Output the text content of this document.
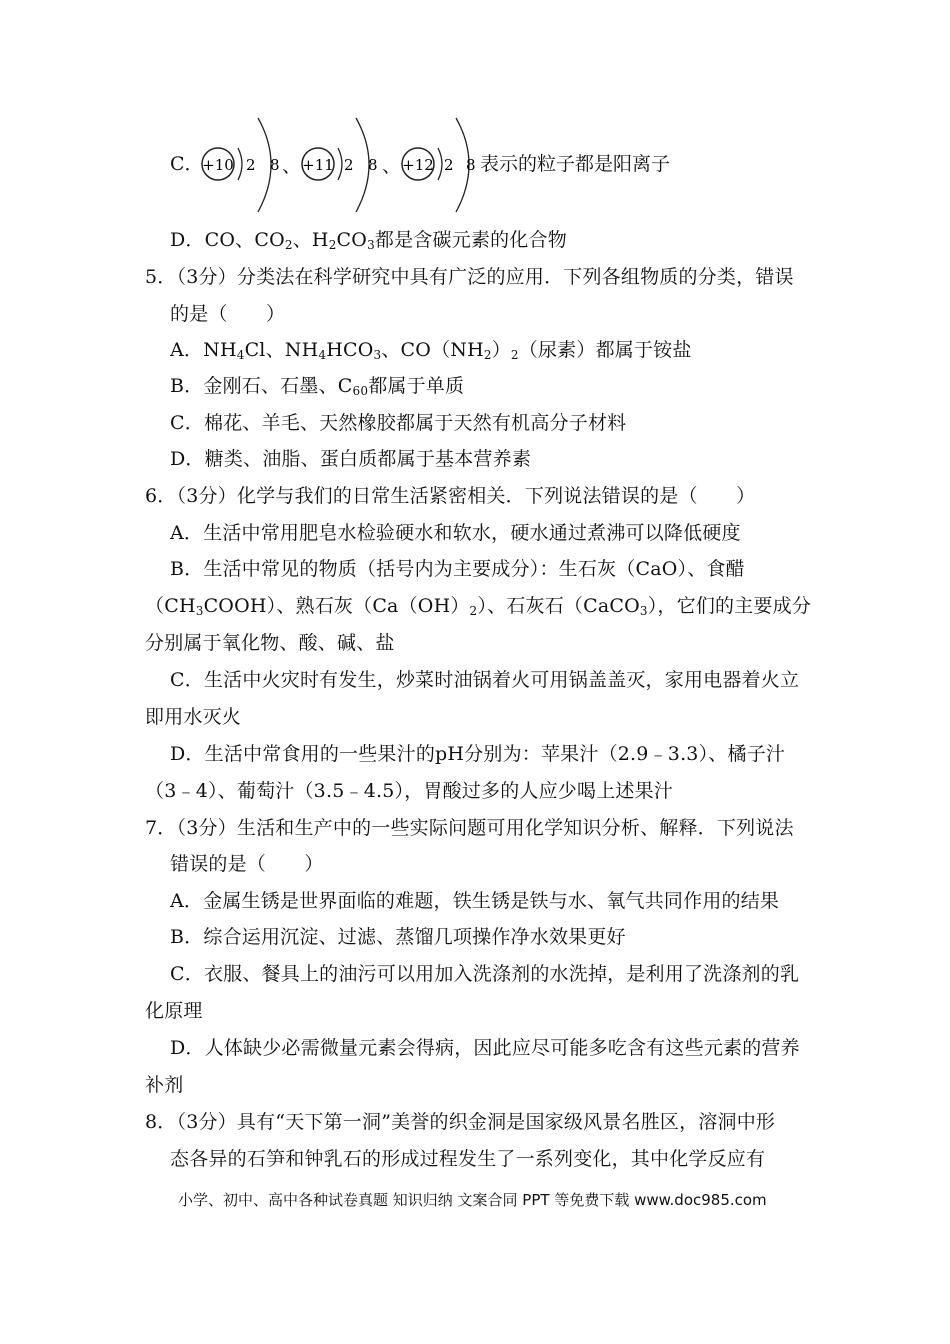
C．
+10 2 8 、 +11 2 8 、 +12 2 8 表示的粒子都是阳离子
D．CO、$CO_2$、$H_2CO_3$都是含碳元素的化合物
5．（3分）分类法在科学研究中具有广泛的应用．下列各组物质的分类，错误
的是（　　）
A．$NH_4Cl$、$NH_4HCO_3$、$CO(NH_2)_2$（尿素）都属于铵盐
B．金刚石、石墨、$C_{60}$都属于单质
C．棉花、羊毛、天然橡胶都属于天然有机高分子材料
D．糖类、油脂、蛋白质都属于基本营养素
6．（3分）化学与我们的日常生活紧密相关．下列说法错误的是（　　）
A．生活中常用肥皂水检验硬水和软水，硬水通过煮沸可以降低硬度
B．生活中常见的物质（括号内为主要成分）：生石灰（CaO）、食醋
$(CH_3COOH)$、熟石灰$(Ca(OH)_2)$、石灰石（CaCO$_3$），它们的主要成分
分别属于氧化物、酸、碱、盐
C．生活中火灾时有发生，炒菜时油锅着火可用锅盖盖灭，家用电器着火立
即用水灭火
D．生活中常食用的一些果汁的pH分别为：苹果汁（2.9﹣3.3）、橘子汁
（3﹣4）、葡萄汁（3.5﹣4.5），胃酸过多的人应少喝上述果汁
7．（3分）生活和生产中的一些实际问题可用化学知识分析、解释．下列说法
错误的是（　　）
A．金属生锈是世界面临的难题，铁生锈是铁与水、氧气共同作用的结果
B．综合运用沉淀、过滤、蒸馏几项操作净水效果更好
C．衣服、餐具上的油污可以用加入洗涤剂的水洗掉，是利用了洗涤剂的乳
化原理
D．人体缺少必需微量元素会得病，因此应尽可能多吃含有这些元素的营养
补剂
8．（3分）具有“天下第一洞”美誉的织金洞是国家级风景名胜区，溶洞中形
态各异的石笋和钟乳石的形成过程发生了一系列变化，其中化学反应有
小学、初中、高中各种试卷真题 知识归纳 文案合同 PPT 等免费下载 www.doc985.com
